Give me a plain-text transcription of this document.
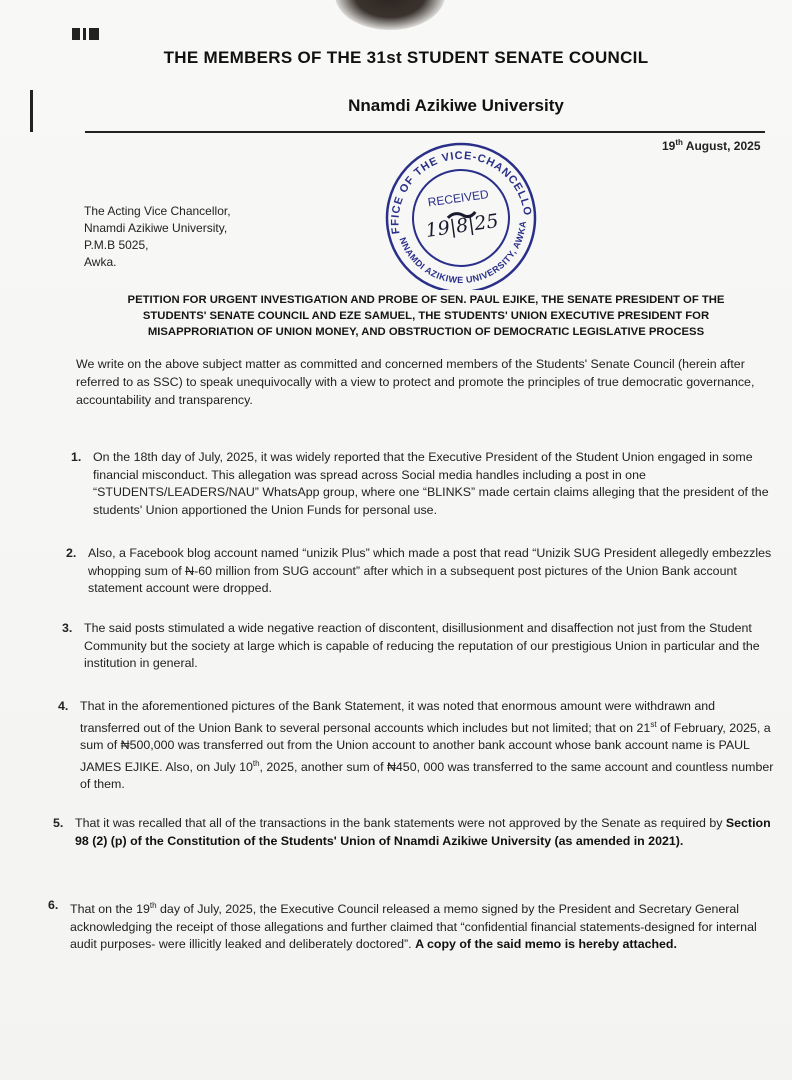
THE MEMBERS OF THE 31st STUDENT SENATE COUNCIL
Nnamdi Azikiwe University
19th August, 2025
The Acting Vice Chancellor,
Nnamdi Azikiwe University,
P.M.B 5025,
Awka.
OFFICE OF THE VICE-CHANCELLOR
NNAMDI AZIKIWE UNIVERSITY, AWKA
RECEIVED
19|8|25
PETITION FOR URGENT INVESTIGATION AND PROBE OF SEN. PAUL EJIKE, THE SENATE PRESIDENT OF THE STUDENTS' SENATE COUNCIL AND EZE SAMUEL, THE STUDENTS' UNION EXECUTIVE PRESIDENT FOR MISAPPRORIATION OF UNION MONEY, AND OBSTRUCTION OF DEMOCRATIC LEGISLATIVE PROCESS
We write on the above subject matter as committed and concerned members of the Students' Senate Council (herein after referred to as SSC) to speak unequivocally with a view to protect and promote the principles of true democratic governance, accountability and transparency.
1. On the 18th day of July, 2025, it was widely reported that the Executive President of the Student Union engaged in some financial misconduct. This allegation was spread across Social media handles including a post in one “STUDENTS/LEADERS/NAU” WhatsApp group, where one “BLINKS” made certain claims alleging that the president of the students' Union apportioned the Union Funds for personal use.
2. Also, a Facebook blog account named “unizik Plus” which made a post that read “Unizik SUG President allegedly embezzles whopping sum of N-60 million from SUG account” after which in a subsequent post pictures of the Union Bank account statement account were dropped.
3. The said posts stimulated a wide negative reaction of discontent, disillusionment and disaffection not just from the Student Community but the society at large which is capable of reducing the reputation of our prestigious Union in particular and the institution in general.
4. That in the aforementioned pictures of the Bank Statement, it was noted that enormous amount were withdrawn and transferred out of the Union Bank to several personal accounts which includes but not limited; that on 21st of February, 2025, a sum of ₦500,000 was transferred out from the Union account to another bank account whose bank account name is PAUL JAMES EJIKE. Also, on July 10th, 2025, another sum of ₦450, 000 was transferred to the same account and countless number of them.
5. That it was recalled that all of the transactions in the bank statements were not approved by the Senate as required by Section 98 (2) (p) of the Constitution of the Students' Union of Nnamdi Azikiwe University (as amended in 2021).
6. That on the 19th day of July, 2025, the Executive Council released a memo signed by the President and Secretary General acknowledging the receipt of those allegations and further claimed that “confidential financial statements-designed for internal audit purposes- were illicitly leaked and deliberately doctored”. A copy of the said memo is hereby attached.
